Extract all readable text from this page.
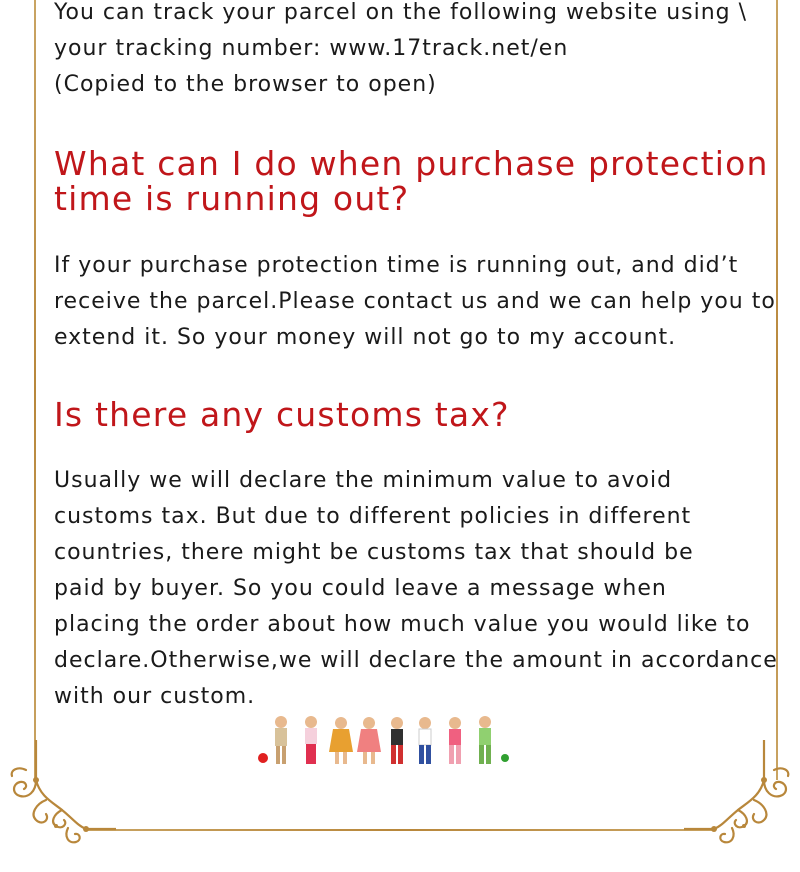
You can track your parcel on the following website using \
your tracking number: www.17track.net/en
(Copied to the browser to open)

What can I do when purchase protection
time is running out?

If your purchase protection time is running out, and did’t
receive the parcel.Please contact us and we can help you to
extend it. So your money will not go to my account.

Is there any customs tax?

Usually we will declare the minimum value to avoid
customs tax. But due to different policies in different
countries, there might be customs tax that should be
paid by buyer. So you could leave a message when
placing the order about how much value you would like to
declare.Otherwise,we will declare the amount in accordance
with our custom.
